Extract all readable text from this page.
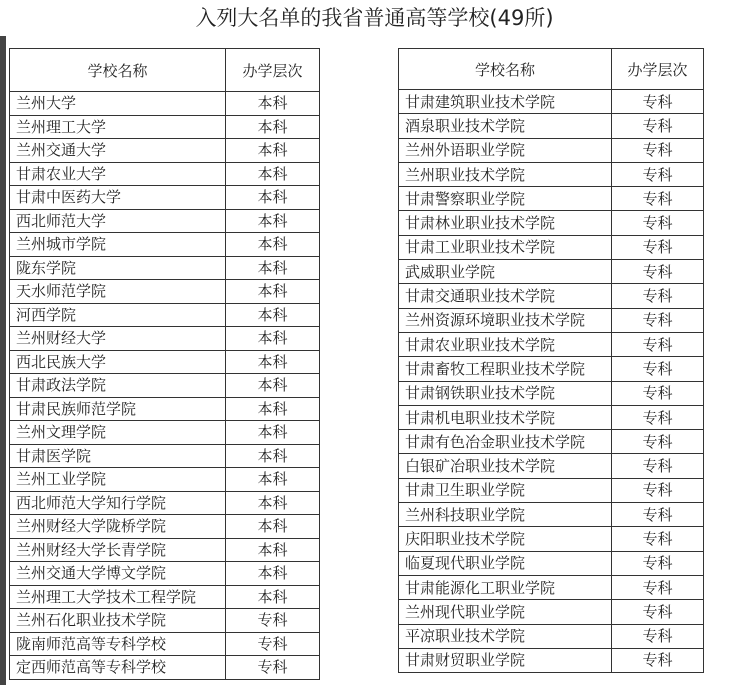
入列大名单的我省普通高等学校(49所)
学校名称	办学层次
兰州大学	本科
兰州理工大学	本科
兰州交通大学	本科
甘肃农业大学	本科
甘肃中医药大学	本科
西北师范大学	本科
兰州城市学院	本科
陇东学院	本科
天水师范学院	本科
河西学院	本科
兰州财经大学	本科
西北民族大学	本科
甘肃政法学院	本科
甘肃民族师范学院	本科
兰州文理学院	本科
甘肃医学院	本科
兰州工业学院	本科
西北师范大学知行学院	本科
兰州财经大学陇桥学院	本科
兰州财经大学长青学院	本科
兰州交通大学博文学院	本科
兰州理工大学技术工程学院	本科
兰州石化职业技术学院	专科
陇南师范高等专科学校	专科
定西师范高等专科学校	专科
学校名称	办学层次
甘肃建筑职业技术学院	专科
酒泉职业技术学院	专科
兰州外语职业学院	专科
兰州职业技术学院	专科
甘肃警察职业学院	专科
甘肃林业职业技术学院	专科
甘肃工业职业技术学院	专科
武威职业学院	专科
甘肃交通职业技术学院	专科
兰州资源环境职业技术学院	专科
甘肃农业职业技术学院	专科
甘肃畜牧工程职业技术学院	专科
甘肃钢铁职业技术学院	专科
甘肃机电职业技术学院	专科
甘肃有色冶金职业技术学院	专科
白银矿冶职业技术学院	专科
甘肃卫生职业学院	专科
兰州科技职业学院	专科
庆阳职业技术学院	专科
临夏现代职业学院	专科
甘肃能源化工职业学院	专科
兰州现代职业学院	专科
平凉职业技术学院	专科
甘肃财贸职业学院	专科
